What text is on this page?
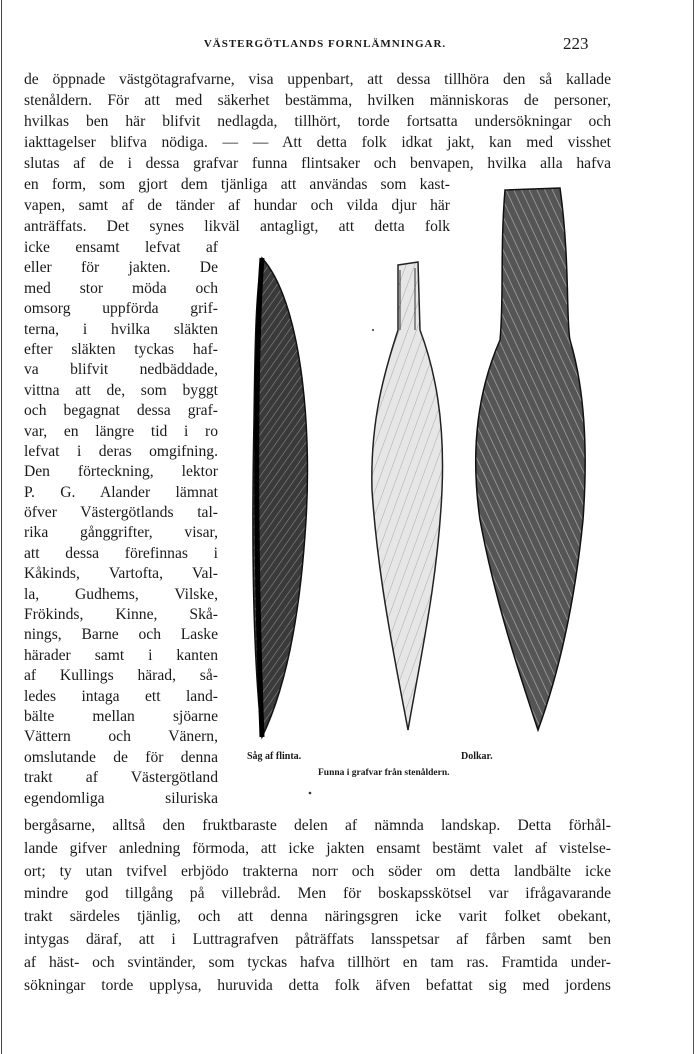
VÄSTERGÖTLANDS FORNLÄMNINGAR.	223
de öppnade västgötagrafvarne, visa uppenbart, att dessa tillhöra den så kallade
stenåldern. För att med säkerhet bestämma, hvilken människoras de personer,
hvilkas ben här blifvit nedlagda, tillhört, torde fortsatta undersökningar och
iakttagelser blifva nödiga. — — Att detta folk idkat jakt, kan med visshet
slutas af de i dessa grafvar funna flintsaker och benvapen, hvilka alla hafva
en form, som gjort dem tjänliga att användas som kast-
vapen, samt af de tänder af hundar och vilda djur här
anträffats. Det synes likväl antagligt, att detta folk
icke ensamt lefvat af
eller för jakten. De
med stor möda och
omsorg uppförda grif-
terna, i hvilka släkten
efter släkten tyckas haf-
va blifvit nedbäddade,
vittna att de, som byggt
och begagnat dessa graf-
var, en längre tid i ro
lefvat i deras omgifning.
Den förteckning, lektor
P. G. Alander lämnat
öfver Västergötlands tal-
rika gånggrifter, visar,
att dessa förefinnas i
Kåkinds, Vartofta, Val-
la, Gudhems, Vilske,
Frökinds, Kinne, Skå-
nings, Barne och Laske
härader samt i kanten
af Kullings härad, så-
ledes intaga ett land-
bälte mellan sjöarne
Vättern och Vänern,
omslutande de för denna
trakt af Västergötland
egendomliga siluriska
bergåsarne, alltså den fruktbaraste delen af nämnda landskap. Detta förhål-
lande gifver anledning förmoda, att icke jakten ensamt bestämt valet af vistelse-
ort; ty utan tvifvel erbjödo trakterna norr och söder om detta landbälte icke
mindre god tillgång på villebråd. Men för boskapsskötsel var ifrågavarande
trakt särdeles tjänlig, och att denna näringsgren icke varit folket obekant,
intygas däraf, att i Luttragrafven påträffats lansspetsar af fårben samt ben
af häst- och svintänder, som tyckas hafva tillhört en tam ras. Framtida under-
sökningar torde upplysa, huruvida detta folk äfven befattat sig med jordens
Såg af flinta.	Dolkar.
Funna i grafvar från stenåldern.
